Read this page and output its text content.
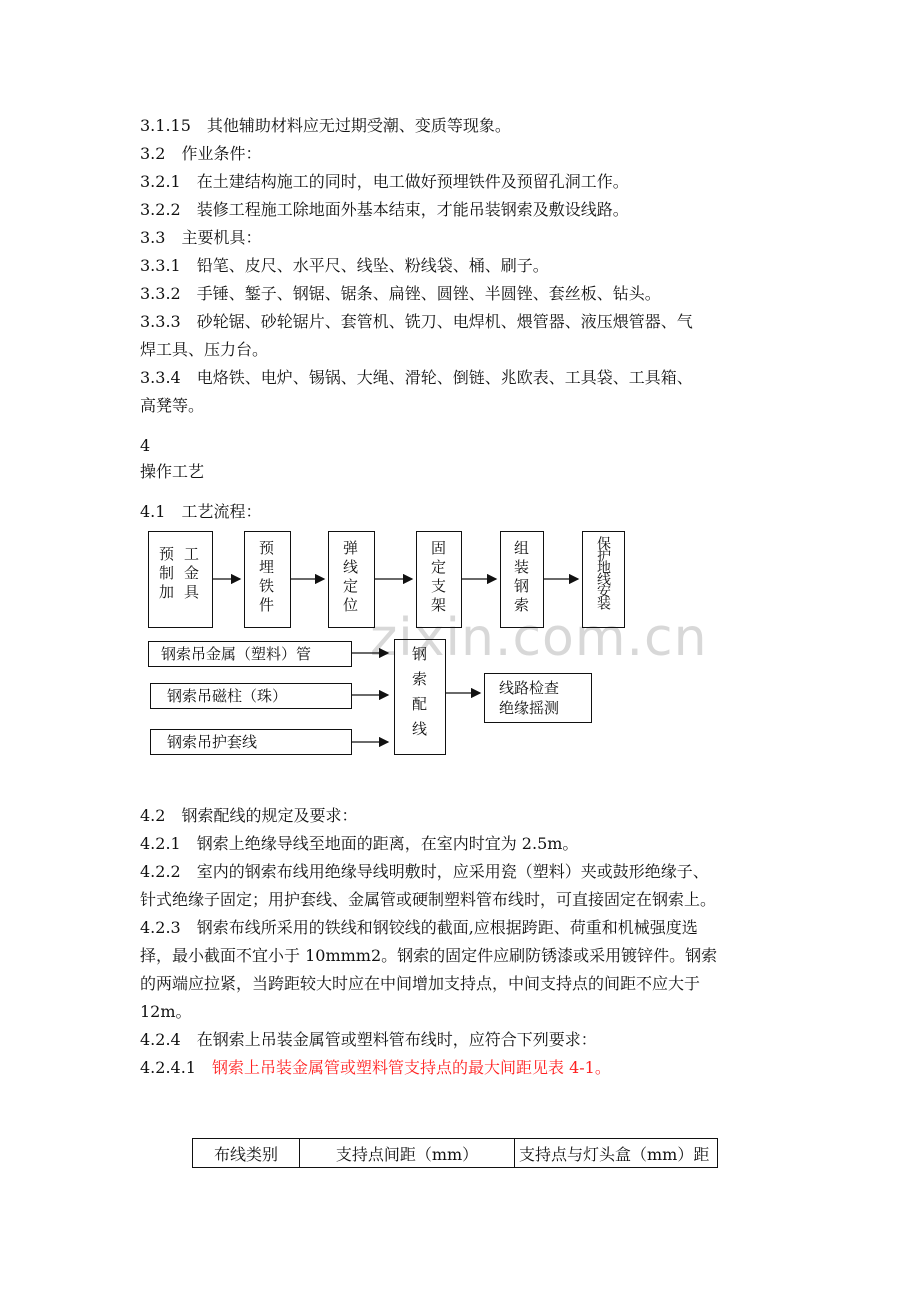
3.1.15　其他辅助材料应无过期受潮、变质等现象。
3.2　作业条件：
3.2.1　在土建结构施工的同时，电工做好预埋铁件及预留孔洞工作。
3.2.2　装修工程施工除地面外基本结束，才能吊装钢索及敷设线路。
3.3　主要机具：
3.3.1　铅笔、皮尺、水平尺、线坠、粉线袋、桶、刷子。
3.3.2　手锤、錾子、钢锯、锯条、扁锉、圆锉、半圆锉、套丝板、钻头。
3.3.3　砂轮锯、砂轮锯片、套管机、铣刀、电焊机、煨管器、液压煨管器、气
焊工具、压力台。
3.3.4　电烙铁、电炉、锡锅、大绳、滑轮、倒链、兆欧表、工具袋、工具箱、
高凳等。
4
操作工艺
4.1　工艺流程：
zixin.com.cn
预制加 工金具	预埋铁件	弹线定位	固定支架	组装钢索	保护地线安装
钢索吊金属（塑料）管
钢索吊磁柱（珠）
钢索吊护套线	钢索配线	线路检查
绝缘摇测
4.2　钢索配线的规定及要求：
4.2.1　钢索上绝缘导线至地面的距离，在室内时宜为 2.5m。
4.2.2　室内的钢索布线用绝缘导线明敷时，应采用瓷（塑料）夹或鼓形绝缘子、
针式绝缘子固定；用护套线、金属管或硬制塑料管布线时，可直接固定在钢索上。
4.2.3　钢索布线所采用的铁线和钢铰线的截面,应根据跨距、荷重和机械强度选
择，最小截面不宜小于 10mmm2。钢索的固定件应刷防锈漆或采用镀锌件。钢索
的两端应拉紧，当跨距较大时应在中间增加支持点，中间支持点的间距不应大于
12m。
4.2.4　在钢索上吊装金属管或塑料管布线时，应符合下列要求：
4.2.4.1　钢索上吊装金属管或塑料管支持点的最大间距见表 4-1。
布线类别	支持点间距（mm）	支持点与灯头盒（mm）距
